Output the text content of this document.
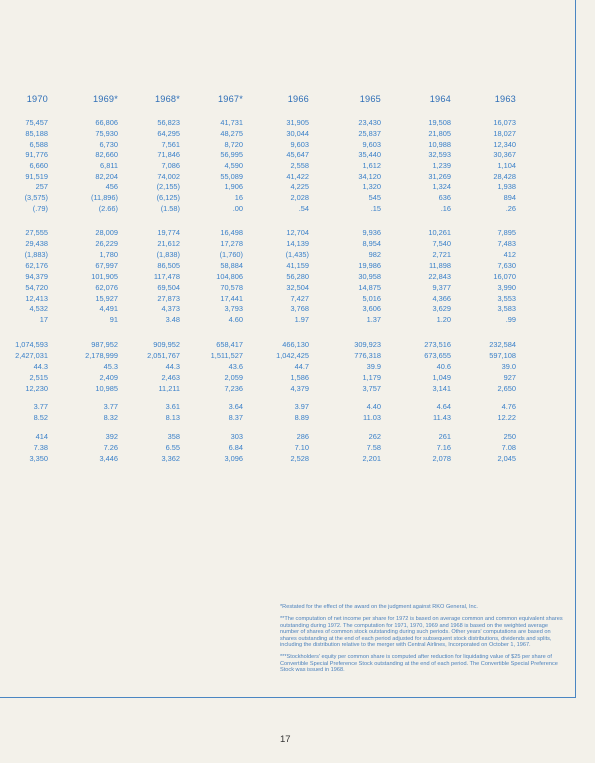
1970	1969*	1968*	1967*	1966	1965	1964	1963
75,457	66,806	56,823	41,731	31,905	23,430	19,508	16,073
85,188	75,930	64,295	48,275	30,044	25,837	21,805	18,027
6,588	6,730	7,561	8,720	9,603	9,603	10,988	12,340
91,776	82,660	71,846	56,995	45,647	35,440	32,593	30,367
6,660	6,811	7,086	4,590	2,558	1,612	1,239	1,104
91,519	82,204	74,002	55,089	41,422	34,120	31,269	28,428
257	456	(2,155)	1,906	4,225	1,320	1,324	1,938
(3,575)	(11,896)	(6,125)	16	2,028	545	636	894
(.79)	(2.66)	(1.58)	.00	.54	.15	.16	.26
27,555	28,009	19,774	16,498	12,704	9,936	10,261	7,895
29,438	26,229	21,612	17,278	14,139	8,954	7,540	7,483
(1,883)	1,780	(1,838)	(1,760)	(1,435)	982	2,721	412
62,176	67,997	86,505	58,884	41,159	19,986	11,898	7,630
94,379	101,905	117,478	104,806	56,280	30,958	22,843	16,070
54,720	62,076	69,504	70,578	32,504	14,875	9,377	3,990
12,413	15,927	27,873	17,441	7,427	5,016	4,366	3,553
4,532	4,491	4,373	3,793	3,768	3,606	3,629	3,583
17	91	3.48	4.60	1.97	1.37	1.20	.99
1,074,593	987,952	909,952	658,417	466,130	309,923	273,516	232,584
2,427,031	2,178,999	2,051,767	1,511,527	1,042,425	776,318	673,655	597,108
44.3	45.3	44.3	43.6	44.7	39.9	40.6	39.0
2,515	2,409	2,463	2,059	1,586	1,179	1,049	927
12,230	10,985	11,211	7,236	4,379	3,757	3,141	2,650
3.77	3.77	3.61	3.64	3.97	4.40	4.64	4.76
8.52	8.32	8.13	8.37	8.89	11.03	11.43	12.22
414	392	358	303	286	262	261	250
7.38	7.26	6.55	6.84	7.10	7.58	7.16	7.08
3,350	3,446	3,362	3,096	2,528	2,201	2,078	2,045
*Restated for the effect of the award on the judgment against RKO General, Inc.
**The computation of net income per share for 1972 is based on average common and common equivalent shares outstanding during 1972. The computation for 1971, 1970, 1969 and 1968 is based on the weighted average number of shares of common stock outstanding during such periods. Other years' computations are based on shares outstanding at the end of each period adjusted for subsequent stock distributions, dividends and splits, including the distribution relative to the merger with Central Airlines, Incorporated on October 1, 1967.
***Stockholders' equity per common share is computed after reduction for liquidating value of $25 per share of Convertible Special Preference Stock outstanding at the end of each period. The Convertible Special Preference Stock was issued in 1968.
17
